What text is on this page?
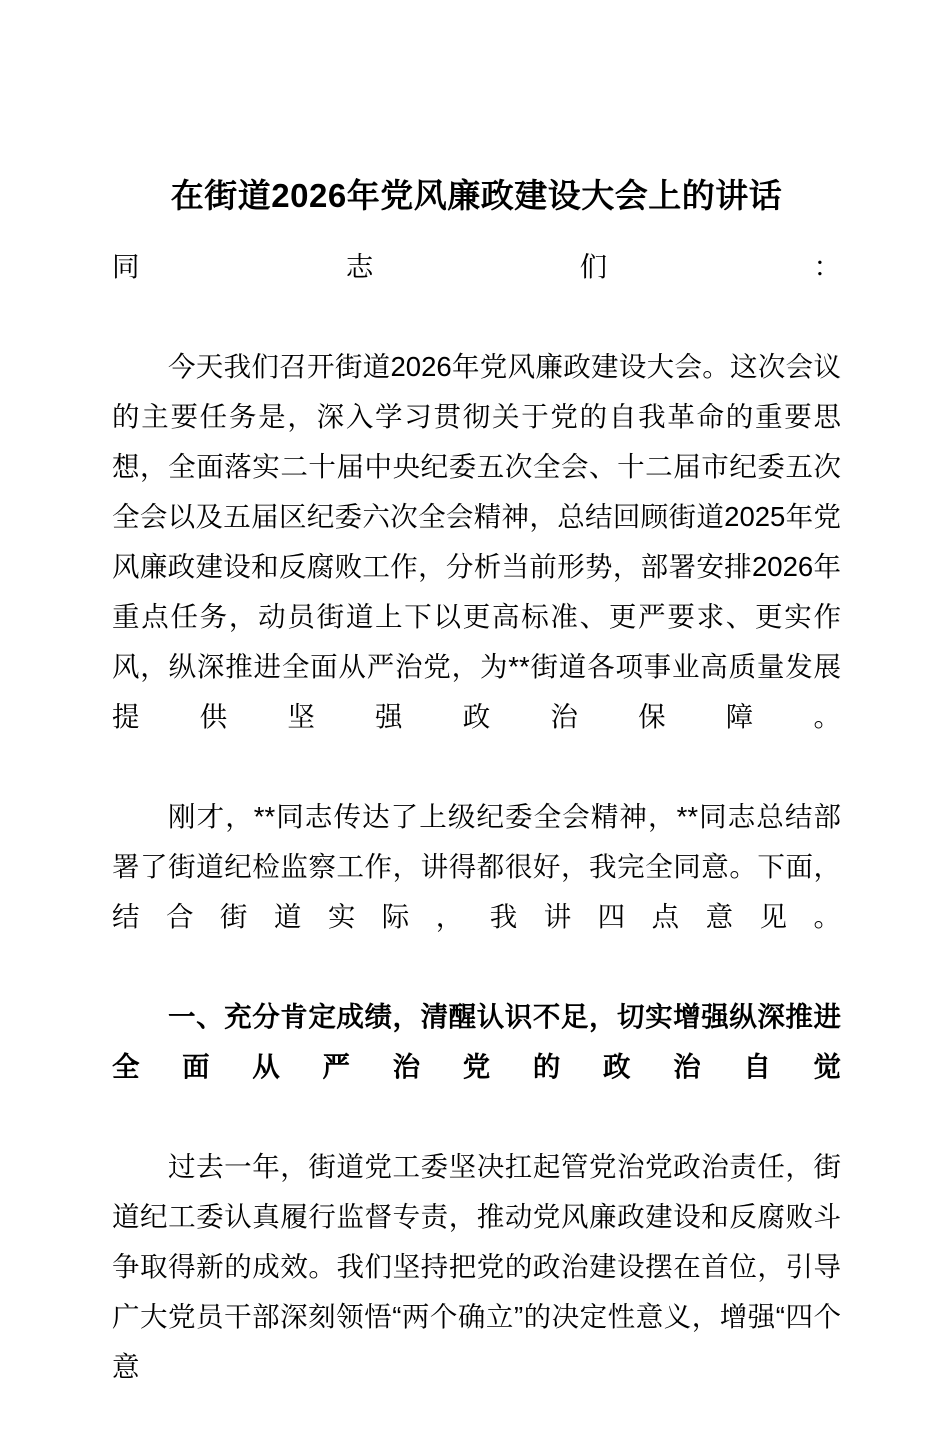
在街道2026年党风廉政建设大会上的讲话

同志们：

今天我们召开街道2026年党风廉政建设大会。这次会议的主要任务是，深入学习贯彻关于党的自我革命的重要思想，全面落实二十届中央纪委五次全会、十二届市纪委五次全会以及五届区纪委六次全会精神，总结回顾街道2025年党风廉政建设和反腐败工作，分析当前形势，部署安排2026年重点任务，动员街道上下以更高标准、更严要求、更实作风，纵深推进全面从严治党，为**街道各项事业高质量发展提供坚强政治保障。

刚才，**同志传达了上级纪委全会精神，**同志总结部署了街道纪检监察工作，讲得都很好，我完全同意。下面，结合街道实际，我讲四点意见。

一、充分肯定成绩，清醒认识不足，切实增强纵深推进全面从严治党的政治自觉

过去一年，街道党工委坚决扛起管党治党政治责任，街道纪工委认真履行监督专责，推动党风廉政建设和反腐败斗争取得新的成效。我们坚持把党的政治建设摆在首位，引导广大党员干部深刻领悟“两个确立”的决定性意义，增强“四个意
